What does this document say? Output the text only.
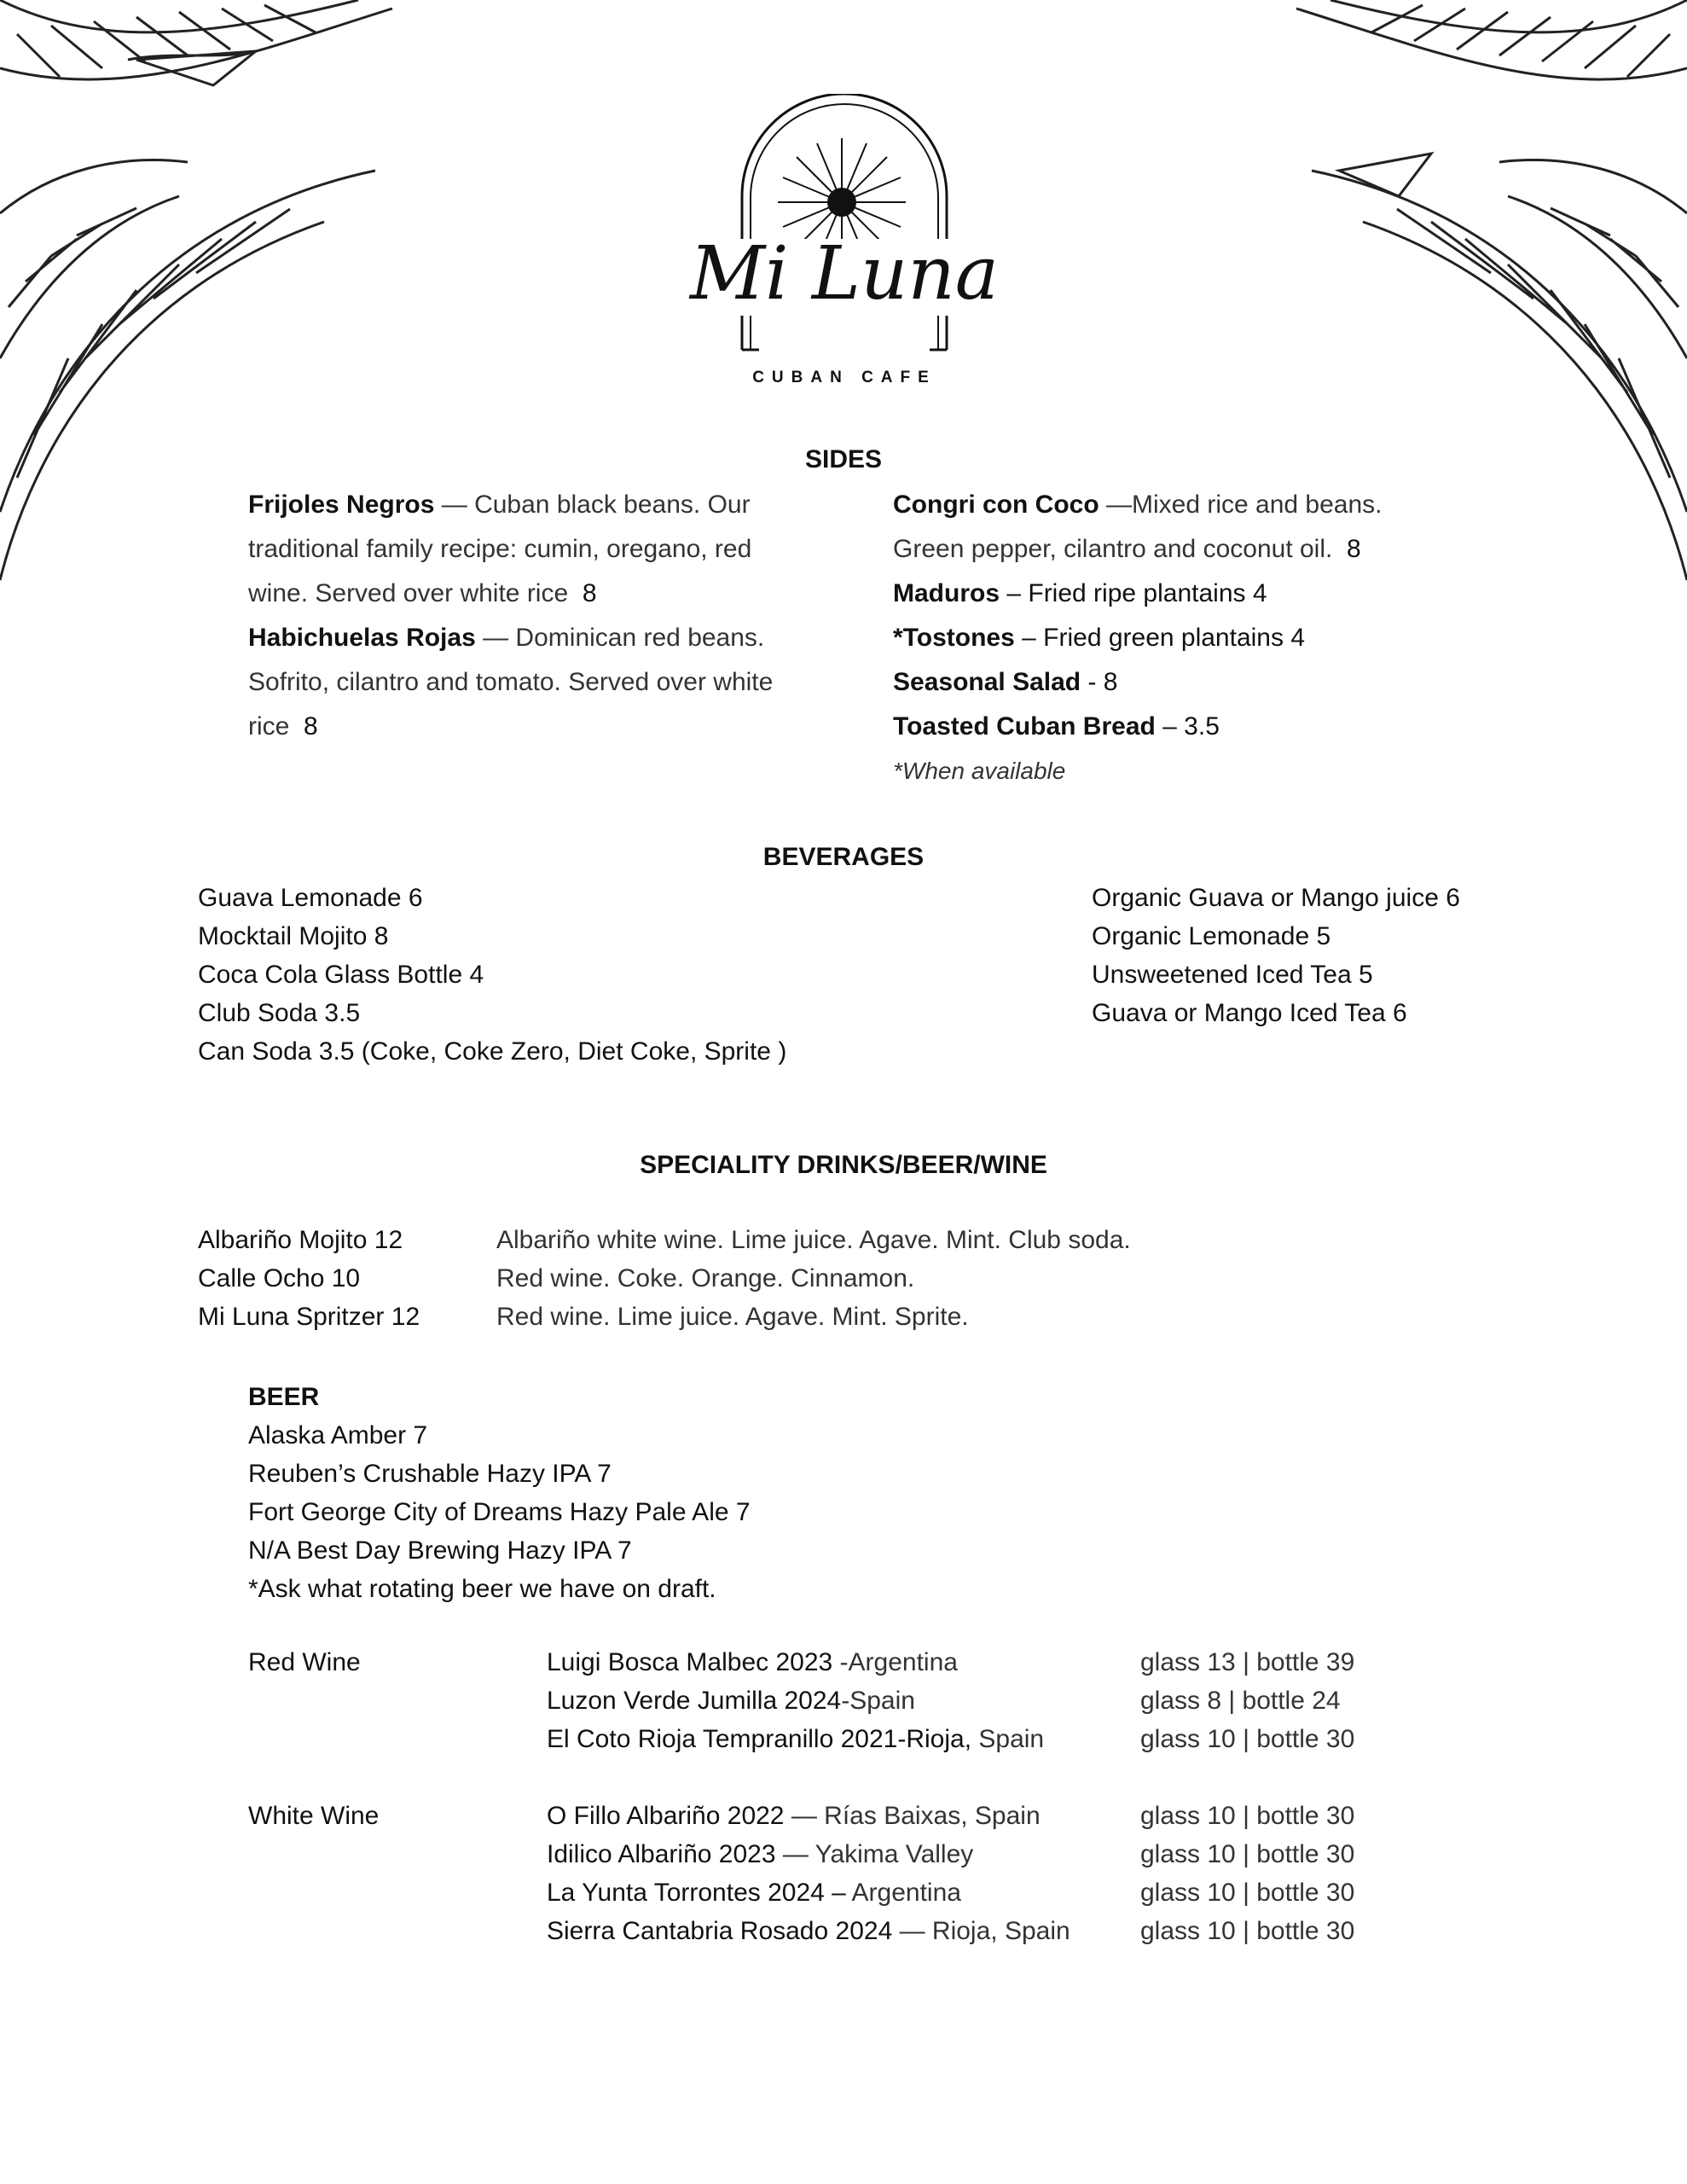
Mi Luna
CUBAN CAFE
SIDES

Frijoles Negros — Cuban black beans. Our traditional family recipe: cumin, oregano, red wine. Served over white rice 8

Habichuelas Rojas — Dominican red beans. Sofrito, cilantro and tomato. Served over white rice 8

Congri con Coco —Mixed rice and beans. Green pepper, cilantro and coconut oil. 8

Maduros – Fried ripe plantains 4

*Tostones – Fried green plantains 4

Seasonal Salad - 8

Toasted Cuban Bread – 3.5

*When available

BEVERAGES
Guava Lemonade 6
Mocktail Mojito 8
Coca Cola Glass Bottle 4
Club Soda 3.5
Can Soda 3.5 (Coke, Coke Zero, Diet Coke, Sprite )
Organic Guava or Mango juice 6
Organic Lemonade 5
Unsweetened Iced Tea 5
Guava or Mango Iced Tea 6
SPECIALITY DRINKS/BEER/WINE
Albariño Mojito 12	Albariño white wine. Lime juice. Agave. Mint. Club soda.
Calle Ocho 10	Red wine. Coke. Orange. Cinnamon.
Mi Luna Spritzer 12	Red wine. Lime juice. Agave. Mint. Sprite.
BEER
Alaska Amber 7
Reuben’s Crushable Hazy IPA 7
Fort George City of Dreams Hazy Pale Ale 7
N/A Best Day Brewing Hazy IPA 7
*Ask what rotating beer we have on draft.
Red Wine	Luigi Bosca Malbec 2023 -Argentina	glass 13 | bottle 39
Luzon Verde Jumilla 2024-Spain	glass 8 | bottle 24
El Coto Rioja Tempranillo 2021-Rioja, Spain	glass 10 | bottle 30
White Wine	O Fillo Albariño 2022 — Rías Baixas, Spain	glass 10 | bottle 30
Idilico Albariño 2023 — Yakima Valley	glass 10 | bottle 30
La Yunta Torrontes 2024 – Argentina	glass 10 | bottle 30
Sierra Cantabria Rosado 2024 — Rioja, Spain	glass 10 | bottle 30
